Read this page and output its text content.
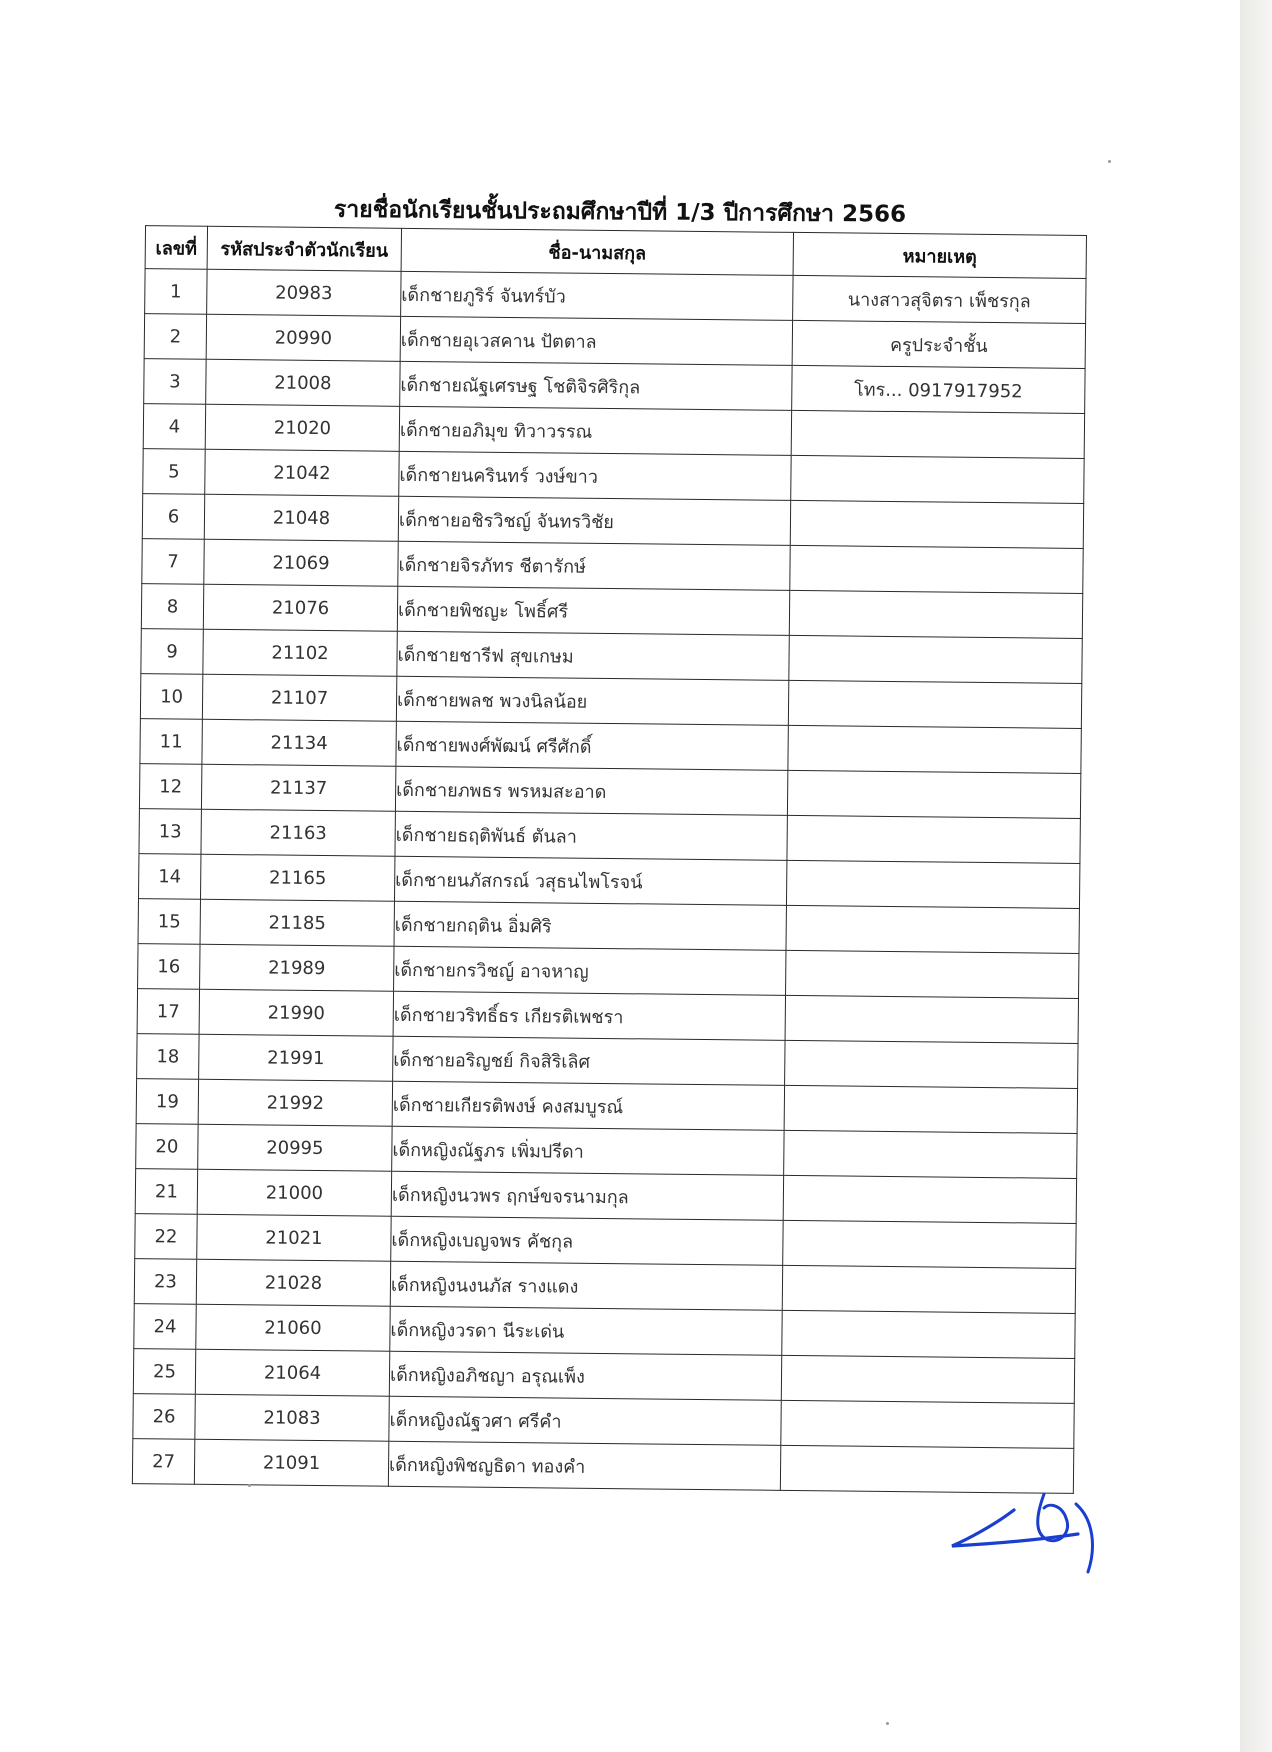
รายชื่อนักเรียนชั้นประถมศึกษาปีที่ 1/3 ปีการศึกษา 2566
เลขที่	รหัสประจำตัวนักเรียน	ชื่อ-นามสกุล	หมายเหตุ
1	20983	เด็กชายภูริร์ จันทร์บัว	นางสาวสุจิตรา เพ็ชรกุล
2	20990	เด็กชายอุเวสคาน ปัตตาล	ครูประจำชั้น
3	21008	เด็กชายณัฐเศรษฐ โชติจิรศิริกุล	โทร... 0917917952
4	21020	เด็กชายอภิมุข ทิวาวรรณ	
5	21042	เด็กชายนครินทร์ วงษ์ขาว	
6	21048	เด็กชายอชิรวิชญ์ จันทรวิชัย	
7	21069	เด็กชายจิรภัทร ชีตารักษ์	
8	21076	เด็กชายพิชญะ โพธิ์ศรี	
9	21102	เด็กชายชารีฟ สุขเกษม	
10	21107	เด็กชายพลช พวงนิลน้อย	
11	21134	เด็กชายพงศ์พัฒน์ ศรีศักดิ์	
12	21137	เด็กชายภพธร พรหมสะอาด	
13	21163	เด็กชายธฤติพันธ์ ตันลา	
14	21165	เด็กชายนภัสกรณ์ วสุธนไพโรจน์	
15	21185	เด็กชายกฤติน อิ่มศิริ	
16	21989	เด็กชายกรวิชญ์ อาจหาญ	
17	21990	เด็กชายวริทธิ์ธร เกียรติเพชรา	
18	21991	เด็กชายอริญชย์ กิจสิริเลิศ	
19	21992	เด็กชายเกียรติพงษ์ คงสมบูรณ์	
20	20995	เด็กหญิงณัฐภร เพิ่มปรีดา	
21	21000	เด็กหญิงนวพร ฤกษ์ขจรนามกุล	
22	21021	เด็กหญิงเบญจพร คัชกุล	
23	21028	เด็กหญิงนงนภัส รางแดง	
24	21060	เด็กหญิงวรดา นีระเด่น	
25	21064	เด็กหญิงอภิชญา อรุณเพ็ง	
26	21083	เด็กหญิงณัฐวศา ศรีคำ	
27	21091	เด็กหญิงพิชญธิดา ทองคำ	
